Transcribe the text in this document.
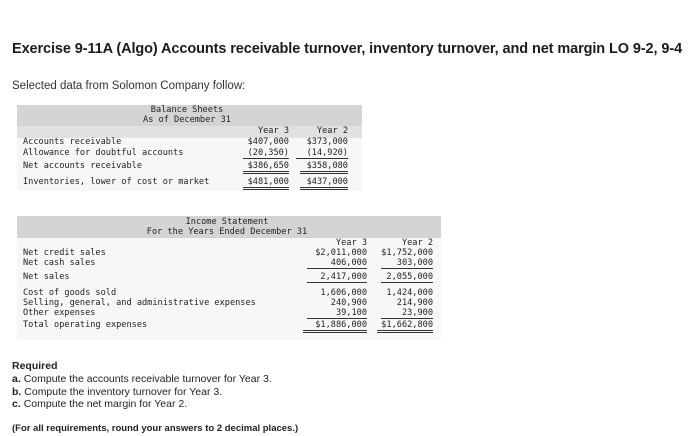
Exercise 9-11A (Algo) Accounts receivable turnover, inventory turnover, and net margin LO 9-2, 9-4
Selected data from Solomon Company follow:
Balance Sheets
As of December 31
Year 3	Year 2
Accounts receivable	$407,000	$373,000
Allowance for doubtful accounts	(20,350)	(14,920)
Net accounts receivable	$386,650	$358,080
Inventories, lower of cost or market	$481,000	$437,000
Income Statement
For the Years Ended December 31
Year 3	Year 2
Net credit sales	$2,011,000	$1,752,000
Net cash sales	406,000	303,000
Net sales	2,417,000	2,055,000
Cost of goods sold	1,606,000	1,424,000
Selling, general, and administrative expenses	240,900	214,900
Other expenses	39,100	23,900
Total operating expenses	$1,886,000	$1,662,800
Required
a. Compute the accounts receivable turnover for Year 3.
b. Compute the inventory turnover for Year 3.
c. Compute the net margin for Year 2.
(For all requirements, round your answers to 2 decimal places.)
